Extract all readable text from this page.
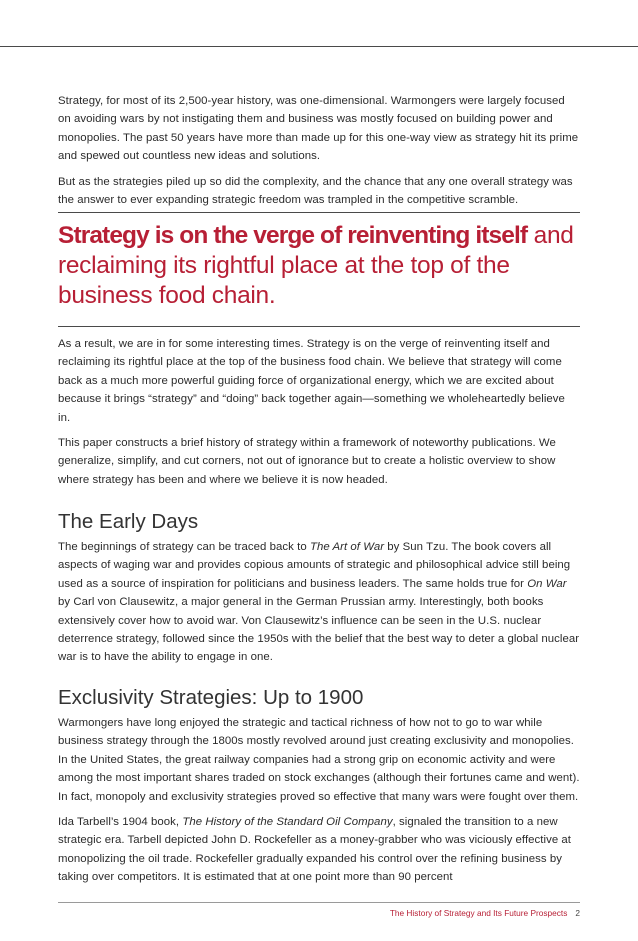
Strategy, for most of its 2,500-year history, was one-dimensional. Warmongers were largely focused on avoiding wars by not instigating them and business was mostly focused on building power and monopolies. The past 50 years have more than made up for this one-way view as strategy hit its prime and spewed out countless new ideas and solutions.

But as the strategies piled up so did the complexity, and the chance that any one overall strategy was the answer to ever expanding strategic freedom was trampled in the competitive scramble.

Strategy is on the verge of reinventing itself and reclaiming its rightful place at the top of the business food chain.

As a result, we are in for some interesting times. Strategy is on the verge of reinventing itself and reclaiming its rightful place at the top of the business food chain. We believe that strategy will come back as a much more powerful guiding force of organizational energy, which we are excited about because it brings “strategy” and “doing” back together again—something we wholeheartedly believe in.

This paper constructs a brief history of strategy within a framework of noteworthy publications. We generalize, simplify, and cut corners, not out of ignorance but to create a holistic overview to show where strategy has been and where we believe it is now headed.

The Early Days

The beginnings of strategy can be traced back to The Art of War by Sun Tzu. The book covers all aspects of waging war and provides copious amounts of strategic and philosophical advice still being used as a source of inspiration for politicians and business leaders. The same holds true for On War by Carl von Clausewitz, a major general in the German Prussian army. Interestingly, both books extensively cover how to avoid war. Von Clausewitz’s influence can be seen in the U.S. nuclear deterrence strategy, followed since the 1950s with the belief that the best way to deter a global nuclear war is to have the ability to engage in one.

Exclusivity Strategies: Up to 1900

Warmongers have long enjoyed the strategic and tactical richness of how not to go to war while business strategy through the 1800s mostly revolved around just creating exclusivity and monopolies. In the United States, the great railway companies had a strong grip on economic activity and were among the most important shares traded on stock exchanges (although their fortunes came and went). In fact, monopoly and exclusivity strategies proved so effective that many wars were fought over them.

Ida Tarbell’s 1904 book, The History of the Standard Oil Company, signaled the transition to a new strategic era. Tarbell depicted John D. Rockefeller as a money-grabber who was viciously effective at monopolizing the oil trade. Rockefeller gradually expanded his control over the refining business by taking over competitors. It is estimated that at one point more than 90 percent

The History of Strategy and Its Future Prospects 2
